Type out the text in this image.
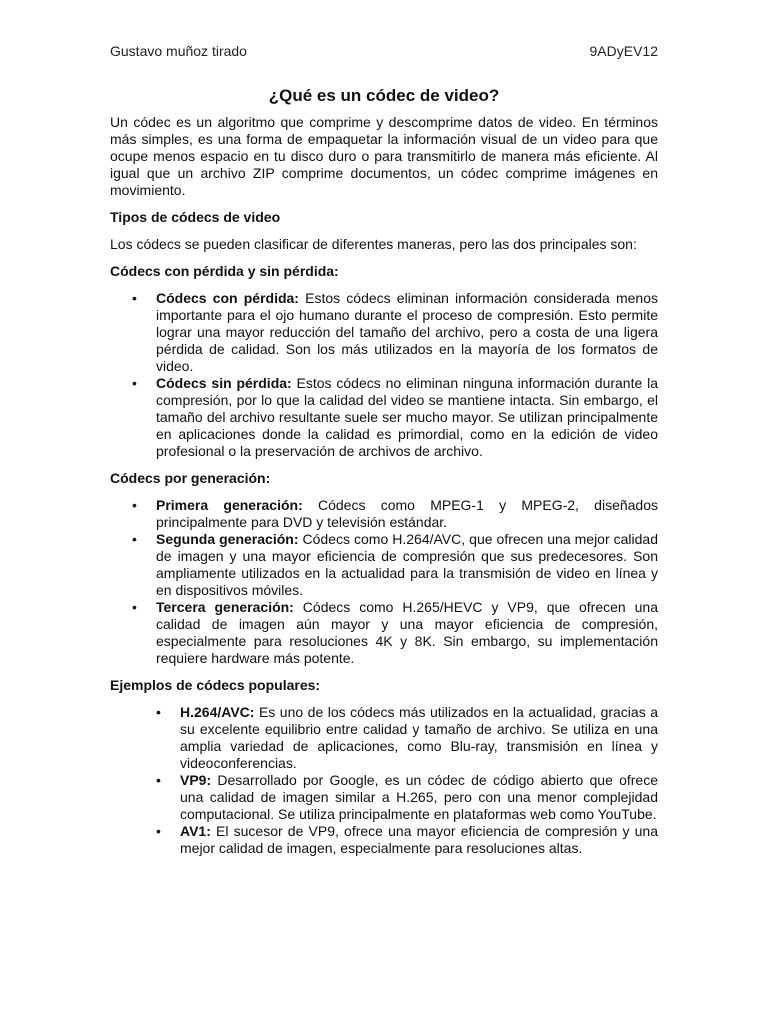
Gustavo muñoz tirado	9ADyEV12
¿Qué es un códec de video?

Un códec es un algoritmo que comprime y descomprime datos de video. En términos más simples, es una forma de empaquetar la información visual de un video para que ocupe menos espacio en tu disco duro o para transmitirlo de manera más eficiente. Al igual que un archivo ZIP comprime documentos, un códec comprime imágenes en movimiento.

Tipos de códecs de video

Los códecs se pueden clasificar de diferentes maneras, pero las dos principales son:

Códecs con pérdida y sin pérdida:
• Códecs con pérdida: Estos códecs eliminan información considerada menos importante para el ojo humano durante el proceso de compresión. Esto permite lograr una mayor reducción del tamaño del archivo, pero a costa de una ligera pérdida de calidad. Son los más utilizados en la mayoría de los formatos de video.
• Códecs sin pérdida: Estos códecs no eliminan ninguna información durante la compresión, por lo que la calidad del video se mantiene intacta. Sin embargo, el tamaño del archivo resultante suele ser mucho mayor. Se utilizan principalmente en aplicaciones donde la calidad es primordial, como en la edición de video profesional o la preservación de archivos de archivo.
Códecs por generación:
• Primera generación: Códecs como MPEG-1 y MPEG-2, diseñados principalmente para DVD y televisión estándar.
• Segunda generación: Códecs como H.264/AVC, que ofrecen una mejor calidad de imagen y una mayor eficiencia de compresión que sus predecesores. Son ampliamente utilizados en la actualidad para la transmisión de video en línea y en dispositivos móviles.
• Tercera generación: Códecs como H.265/HEVC y VP9, que ofrecen una calidad de imagen aún mayor y una mayor eficiencia de compresión, especialmente para resoluciones 4K y 8K. Sin embargo, su implementación requiere hardware más potente.
Ejemplos de códecs populares:
• H.264/AVC: Es uno de los códecs más utilizados en la actualidad, gracias a su excelente equilibrio entre calidad y tamaño de archivo. Se utiliza en una amplia variedad de aplicaciones, como Blu-ray, transmisión en línea y videoconferencias.
• VP9: Desarrollado por Google, es un códec de código abierto que ofrece una calidad de imagen similar a H.265, pero con una menor complejidad computacional. Se utiliza principalmente en plataformas web como YouTube.
• AV1: El sucesor de VP9, ofrece una mayor eficiencia de compresión y una mejor calidad de imagen, especialmente para resoluciones altas.
